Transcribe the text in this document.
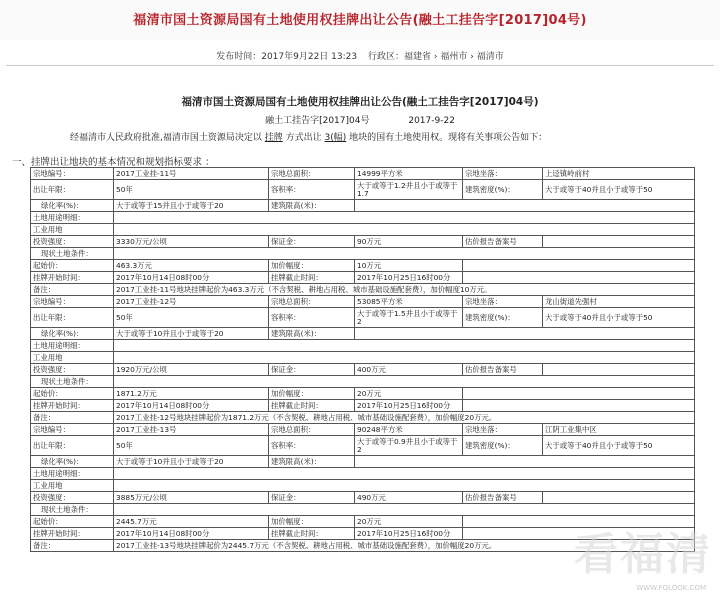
福清市国土资源局国有土地使用权挂牌出让公告(融土工挂告字[2017]04号)
发布时间：2017年9月22日 13:23 行政区：福建省 › 福州市 › 福清市
福清市国土资源局国有土地使用权挂牌出让公告(融土工挂告字[2017]04号)
融土工挂告字[2017]04号	2017-9-22
经福清市人民政府批准,福清市国土资源局决定以 挂牌 方式出让 3(幅) 地块的国有土地使用权。现将有关事项公告如下：
一、挂牌出让地块的基本情况和规划指标要求 ：
宗地编号：	2017工业挂-11号	宗地总面积：	14999平方米	宗地坐落：	上迳镇岭前村
出让年限：	50年	容积率：	大于或等于1.2并且小于或等于1.7	建筑密度(%)：	大于或等于40并且小于或等于50
绿化率(%)：	大于或等于15并且小于或等于20	建筑限高(米)：			
土地用途明细：					
工业用地					
投资强度：	3330万元/公顷	保证金：	90万元	估价报告备案号	
现状土地条件：					
起始价：	463.3万元	加价幅度：	10万元		
挂牌开始时间：	2017年10月14日08时00分	挂牌截止时间：	2017年10月25日16时00分		
备注：	2017工业挂-11号地块挂牌起价为463.3万元（不含契税、耕地占用税、城市基础设施配套费），加价幅度10万元。				
宗地编号：	2017工业挂-12号	宗地总面积：	53085平方米	宗地坐落：	龙山街道先强村
出让年限：	50年	容积率：	大于或等于1.5并且小于或等于2	建筑密度(%)：	大于或等于40并且小于或等于50
绿化率(%)：	大于或等于10并且小于或等于20	建筑限高(米)：			
土地用途明细：					
工业用地					
投资强度：	1920万元/公顷	保证金：	400万元	估价报告备案号	
现状土地条件：					
起始价：	1871.2万元	加价幅度：	20万元		
挂牌开始时间：	2017年10月14日08时00分	挂牌截止时间：	2017年10月25日16时00分		
备注：	2017工业挂-12号地块挂牌起价为1871.2万元（不含契税、耕地占用税、城市基础设施配套费），加价幅度20万元。				
宗地编号：	2017工业挂-13号	宗地总面积：	90248平方米	宗地坐落：	江阴工业集中区
出让年限：	50年	容积率：	大于或等于0.9并且小于或等于2	建筑密度(%)：	大于或等于40并且小于或等于50
绿化率(%)：	大于或等于10并且小于或等于20	建筑限高(米)：			
土地用途明细：					
工业用地					
投资强度：	3885万元/公顷	保证金：	490万元	估价报告备案号	
现状土地条件：					
起始价：	2445.7万元	加价幅度：	20万元		
挂牌开始时间：	2017年10月14日08时00分	挂牌截止时间：	2017年10月25日16时00分		
备注：	2017工业挂-13号地块挂牌起价为2445.7万元（不含契税、耕地占用税、城市基础设施配套费），加价幅度20万元。				看福清
WWW.FQLOOK.COM
